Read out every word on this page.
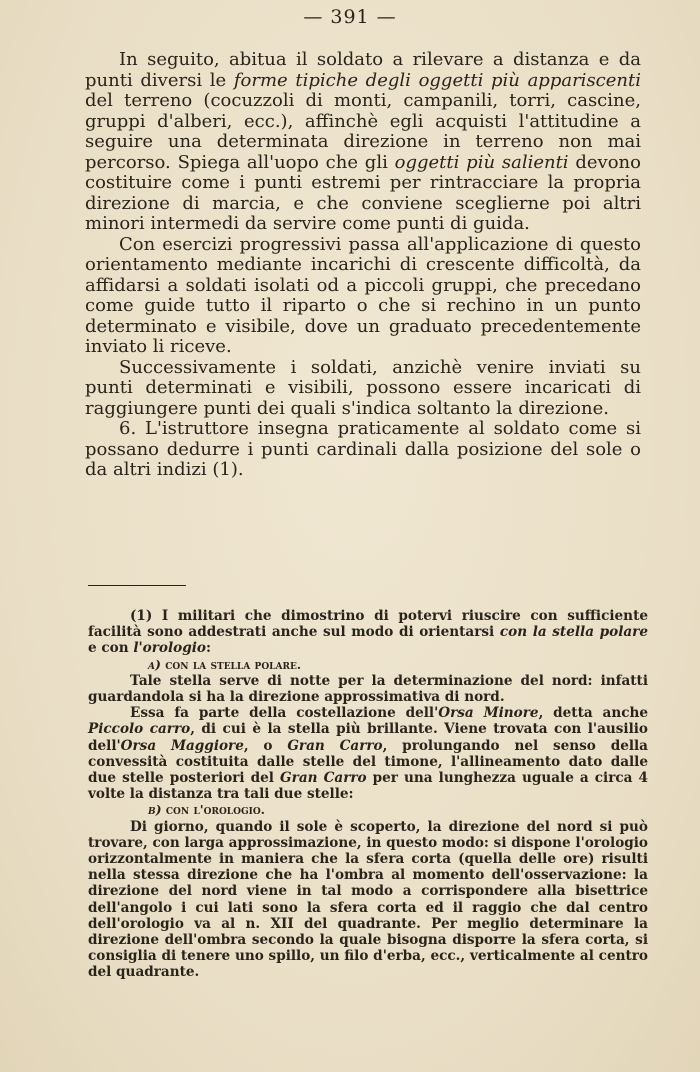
— 391 —

In seguito, abitua il soldato a rilevare a distanza e da punti diversi le forme tipiche degli oggetti più appariscenti del terreno (cocuzzoli di monti, campanili, torri, cascine, gruppi d'alberi, ecc.), affinchè egli acquisti l'attitudine a seguire una determinata direzione in terreno non mai percorso. Spiega all'uopo che gli oggetti più salienti devono costituire come i punti estremi per rintracciare la propria direzione di marcia, e che conviene sceglierne poi altri minori intermedi da servire come punti di guida.

Con esercizi progressivi passa all'applicazione di questo orientamento mediante incarichi di crescente difficoltà, da affidarsi a soldati isolati od a piccoli gruppi, che precedano come guide tutto il riparto o che si rechino in un punto determinato e visibile, dove un graduato precedentemente inviato li riceve.

Successivamente i soldati, anzichè venire inviati su punti determinati e visibili, possono essere incaricati di raggiungere punti dei quali s'indica soltanto la direzione.

6. L'istruttore insegna praticamente al soldato come si possano dedurre i punti cardinali dalla posizione del sole o da altri indizi (1).

(1) I militari che dimostrino di potervi riuscire con sufficiente facilità sono addestrati anche sul modo di orientarsi con la stella polare e con l'orologio:

a) con la stella polare.

Tale stella serve di notte per la determinazione del nord: infatti guardandola si ha la direzione approssimativa di nord.

Essa fa parte della costellazione dell'Orsa Minore, detta anche Piccolo carro, di cui è la stella più brillante. Viene trovata con l'ausilio dell'Orsa Maggiore, o Gran Carro, prolungando nel senso della convessità costituita dalle stelle del timone, l'allineamento dato dalle due stelle posteriori del Gran Carro per una lunghezza uguale a circa 4 volte la distanza tra tali due stelle:

b) con l'orologio.

Di giorno, quando il sole è scoperto, la direzione del nord si può trovare, con larga approssimazione, in questo modo: si dispone l'orologio orizzontalmente in maniera che la sfera corta (quella delle ore) risulti nella stessa direzione che ha l'ombra al momento dell'osservazione: la direzione del nord viene in tal modo a corrispondere alla bisettrice dell'angolo i cui lati sono la sfera corta ed il raggio che dal centro dell'orologio va al n. XII del quadrante. Per meglio determinare la direzione dell'ombra secondo la quale bisogna disporre la sfera corta, si consiglia di tenere uno spillo, un filo d'erba, ecc., verticalmente al centro del quadrante.
